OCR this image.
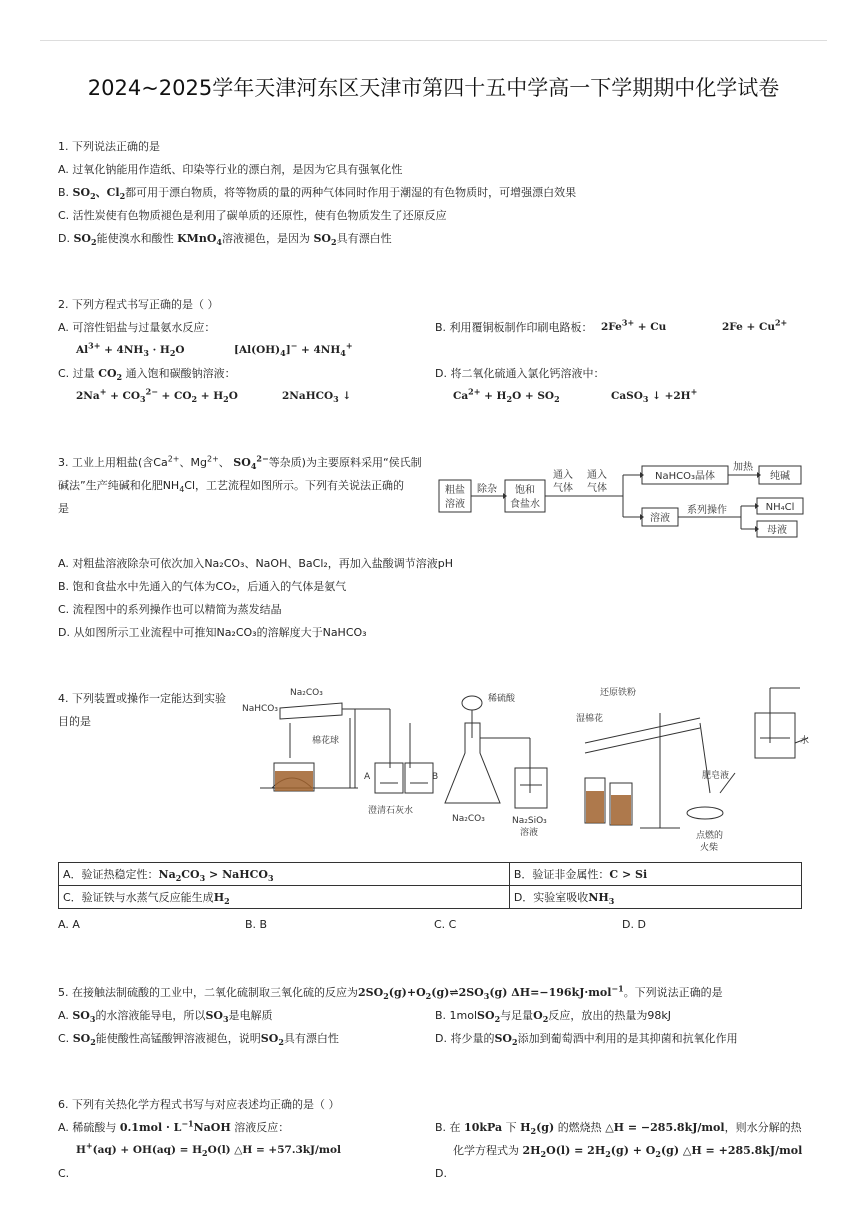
2024~2025学年天津河东区天津市第四十五中学高一下学期期中化学试卷
1. 下列说法正确的是
A. 过氧化钠能用作造纸、印染等行业的漂白剂，是因为它具有强氧化性
B. $SO_2$、$Cl_2$都可用于漂白物质，将等物质的量的两种气体同时作用于潮湿的有色物质时，可增强漂白效果
C. 活性炭使有色物质褪色是利用了碳单质的还原性，使有色物质发生了还原反应
D. $SO_2$能使溴水和酸性 KMnO$_4$溶液褪色，是因为 $SO_2$具有漂白性
2. 下列方程式书写正确的是（ ）
A. 可溶性铝盐与过量氨水反应：
$Al^{3+} + 4NH_3 \cdot H_2O$	$[Al(OH)_4]^- + 4NH_4^+$
B. 利用覆铜板制作印刷电路板： $2Fe^{3+} + Cu$	$2Fe + Cu^{2+}$
C. 过量 $CO_2$ 通入饱和碳酸钠溶液：
$2Na^+ + CO_3^{2-} + CO_2 + H_2O$	2NaHCO$_3$ ↓
D. 将二氧化硫通入氯化钙溶液中：
$Ca^{2+} + H_2O + SO_2$	CaSO$_3$ ↓ +2H+
3. 工业上用粗盐(含$Ca^{2+}$、$Mg^{2+}$、 $SO_4^{2-}$等杂质)为主要原料采用“侯氏制
碱法”生产纯碱和化肥$NH_4Cl$，工艺流程如图所示。下列有关说法正确的
是
粗盐
溶液
除杂 饱和
食盐水
通入
气体
通入
气体
NaHCO₃晶体
加热
纯碱
溶液
系列操作	NH₄Cl
母液
A. 对粗盐溶液除杂可依次加入Na₂CO₃、NaOH、BaCl₂，再加入盐酸调节溶液pH
B. 饱和食盐水中先通入的气体为CO₂，后通入的气体是氨气
C. 流程图中的系列操作也可以精简为蒸发结晶
D. 从如图所示工业流程中可推知Na₂CO₃的溶解度大于NaHCO₃
4. 下列装置或操作一定能达到实验
目的是
NaHCO₃
Na₂CO₃
棉花球
A	B
澄清石灰水
稀硫酸
Na₂CO₃	Na₂SiO₃
溶液
还原铁粉
湿棉花
肥皂液
点燃的
火柴
水
A．验证热稳定性：$Na_2CO_3$ > NaHCO$_3$	B．验证非金属性：C > Si
C．验证铁与水蒸气反应能生成$H_2$	D．实验室吸收$NH_3$
A. A	B. B	C. C	D. D
5. 在接触法制硫酸的工业中，二氧化硫制取三氧化硫的反应为$2SO_2(g)+O_2(g)\rightleftharpoons 2SO_3(g)$ ΔH=−196kJ·mol$^{-1}$。下列说法正确的是
A. $SO_3$的水溶液能导电，所以$SO_3$是电解质	B. 1molSO$_2$与足量$O_2$反应，放出的热量为98kJ
C. $SO_2$能使酸性高锰酸钾溶液褪色，说明$SO_2$具有漂白性	D. 将少量的$SO_2$添加到葡萄酒中利用的是其抑菌和抗氧化作用
6. 下列有关热化学方程式书写与对应表述均正确的是（ ）
A. 稀硫酸与 $0.1mol \cdot L^{-1}NaOH$ 溶液反应：
$H^+(aq) + OH(aq) = H_2O(l)$ △H = +57.3kJ/mol
B. 在 10kPa 下 $H_2(g)$ 的燃烧热 △H = −285.8kJ/mol，则水分解的热
化学方程式为 $2H_2O(l) = 2H_2(g) + O_2(g)$ △H = +285.8kJ/mol
C.	D.
